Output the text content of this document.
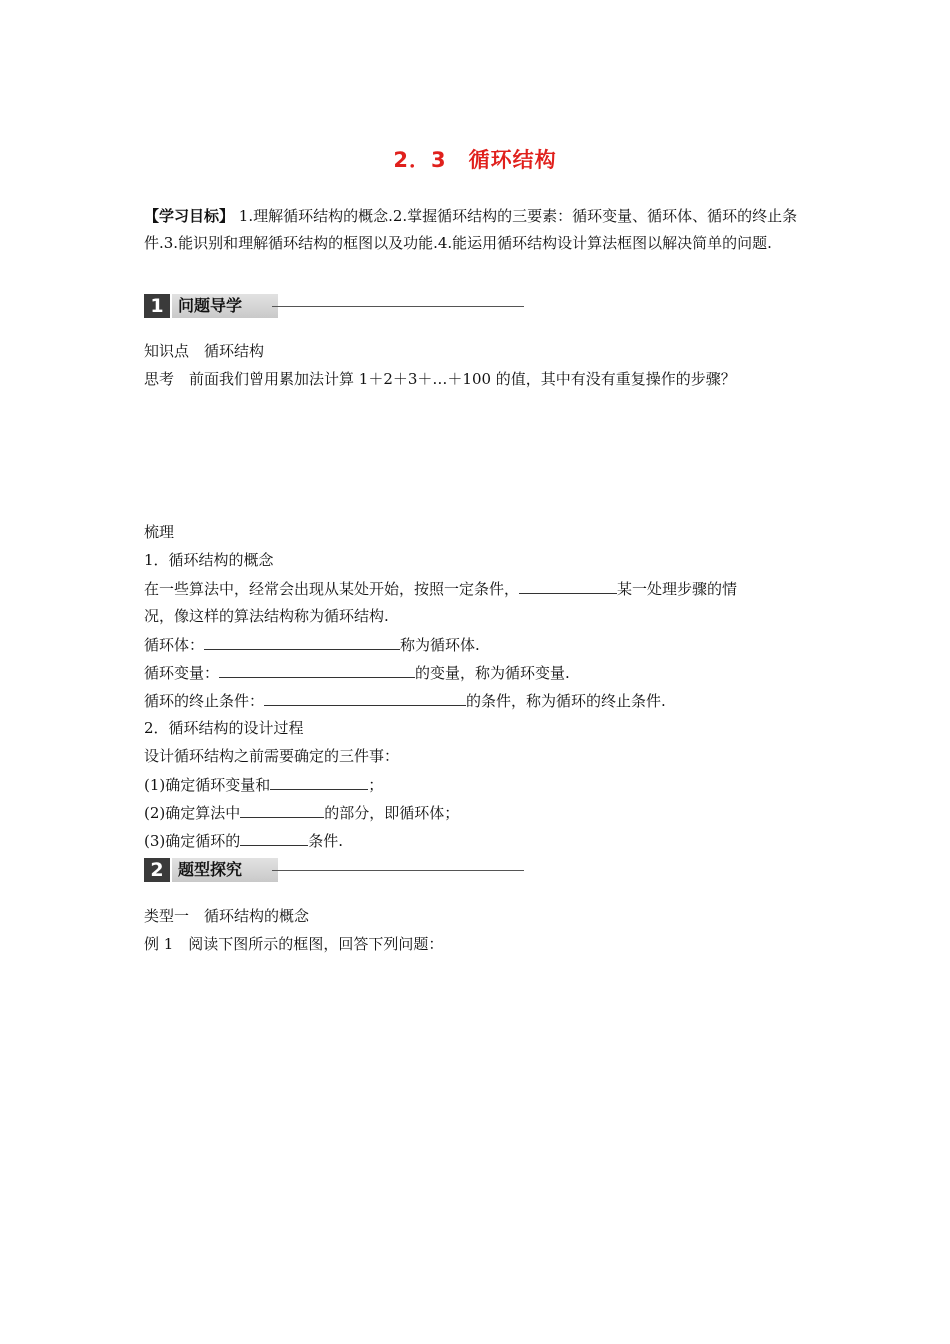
2．3　循环结构
【学习目标】 1.理解循环结构的概念.2.掌握循环结构的三要素：循环变量、循环体、循环的终止条件.3.能识别和理解循环结构的框图以及功能.4.能运用循环结构设计算法框图以解决简单的问题.
1 问题导学
知识点　循环结构
思考　前面我们曾用累加法计算 1＋2＋3＋…＋100 的值，其中有没有重复操作的步骤？
梳理
1．循环结构的概念
在一些算法中，经常会出现从某处开始，按照一定条件，	某一处理步骤的情
况，像这样的算法结构称为循环结构.
循环体：	称为循环体.
循环变量：	的变量，称为循环变量.
循环的终止条件：	的条件，称为循环的终止条件.
2．循环结构的设计过程
设计循环结构之前需要确定的三件事：
(1)确定循环变量和	；
(2)确定算法中	的部分，即循环体；
(3)确定循环的	条件.
2 题型探究
类型一　循环结构的概念
例 1　阅读下图所示的框图，回答下列问题：
